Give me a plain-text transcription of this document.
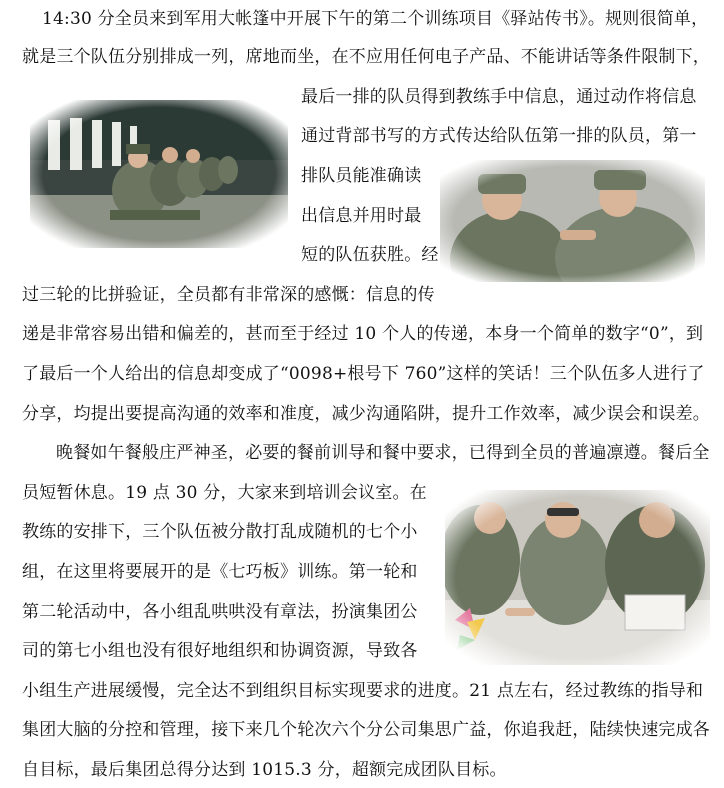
14:30 分全员来到军用大帐篷中开展下午的第二个训练项目《驿站传书》。规则很简单，
就是三个队伍分别排成一列，席地而坐，在不应用任何电子产品、不能讲话等条件限制下，
最后一排的队员得到教练手中信息，通过动作将信息
通过背部书写的方式传达给队伍第一排的队员，第一
排队员能准确读
出信息并用时最
短的队伍获胜。经
过三轮的比拼验证，全员都有非常深的感慨：信息的传
递是非常容易出错和偏差的，甚而至于经过 10 个人的传递，本身一个简单的数字“0”，到
了最后一个人给出的信息却变成了“0098+根号下 760”这样的笑话！三个队伍多人进行了
分享，均提出要提高沟通的效率和准度，减少沟通陷阱，提升工作效率，减少误会和误差。
晚餐如午餐般庄严神圣，必要的餐前训导和餐中要求，已得到全员的普遍凛遵。餐后全
员短暂休息。19 点 30 分，大家来到培训会议室。在
教练的安排下，三个队伍被分散打乱成随机的七个小
组，在这里将要展开的是《七巧板》训练。第一轮和
第二轮活动中，各小组乱哄哄没有章法，扮演集团公
司的第七小组也没有很好地组织和协调资源，导致各
小组生产进展缓慢，完全达不到组织目标实现要求的进度。21 点左右，经过教练的指导和
集团大脑的分控和管理，接下来几个轮次六个分公司集思广益，你追我赶，陆续快速完成各
自目标，最后集团总得分达到 1015.3 分，超额完成团队目标。
